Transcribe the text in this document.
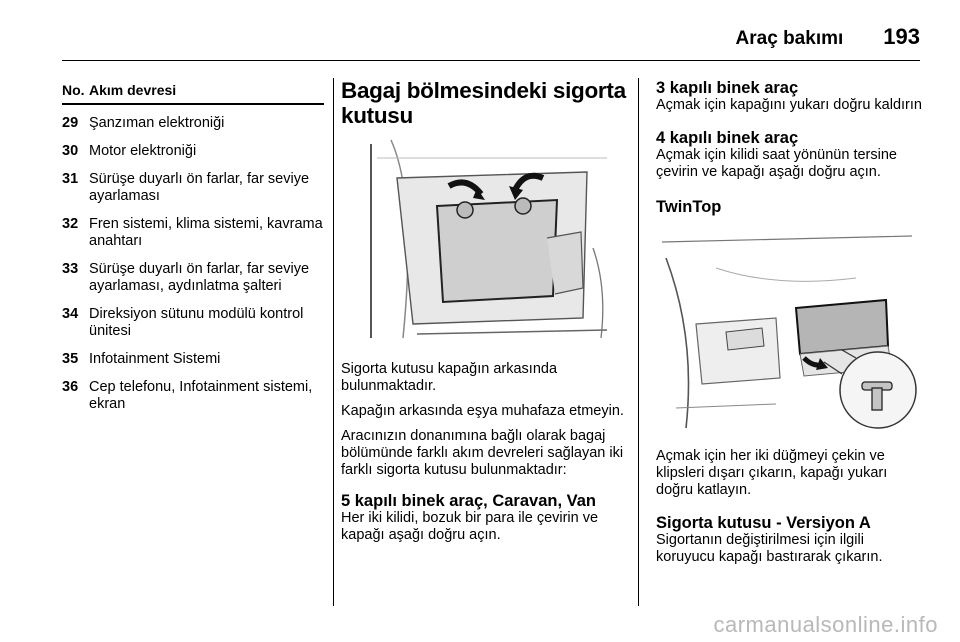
Araç bakımı 193
No. Akım devresi
29 Şanzıman elektroniği
30 Motor elektroniği
31 Sürüşe duyarlı ön farlar, far seviye ayarlaması
32 Fren sistemi, klima sistemi, kavrama anahtarı
33 Sürüşe duyarlı ön farlar, far seviye ayarlaması, aydınlatma şalteri
34 Direksiyon sütunu modülü kontrol ünitesi
35 Infotainment Sistemi
36 Cep telefonu, Infotainment sistemi, ekran
Bagaj bölmesindeki sigorta kutusu

Sigorta kutusu kapağın arkasında bulunmaktadır.

Kapağın arkasında eşya muhafaza etmeyin.

Aracınızın donanımına bağlı olarak bagaj bölümünde farklı akım devreleri sağlayan iki farklı sigorta kutusu bulunmaktadır:

5 kapılı binek araç, Caravan, Van
Her iki kilidi, bozuk bir para ile çevirin ve kapağı aşağı doğru açın.
3 kapılı binek araç
Açmak için kapağını yukarı doğru kaldırın
4 kapılı binek araç
Açmak için kilidi saat yönünün tersine çevirin ve kapağı aşağı doğru açın.
TwinTop
Açmak için her iki düğmeyi çekin ve klipsleri dışarı çıkarın, kapağı yukarı doğru katlayın.
Sigorta kutusu - Versiyon A
Sigortanın değiştirilmesi için ilgili koruyucu kapağı bastırarak çıkarın.
carmanualsonline.info
